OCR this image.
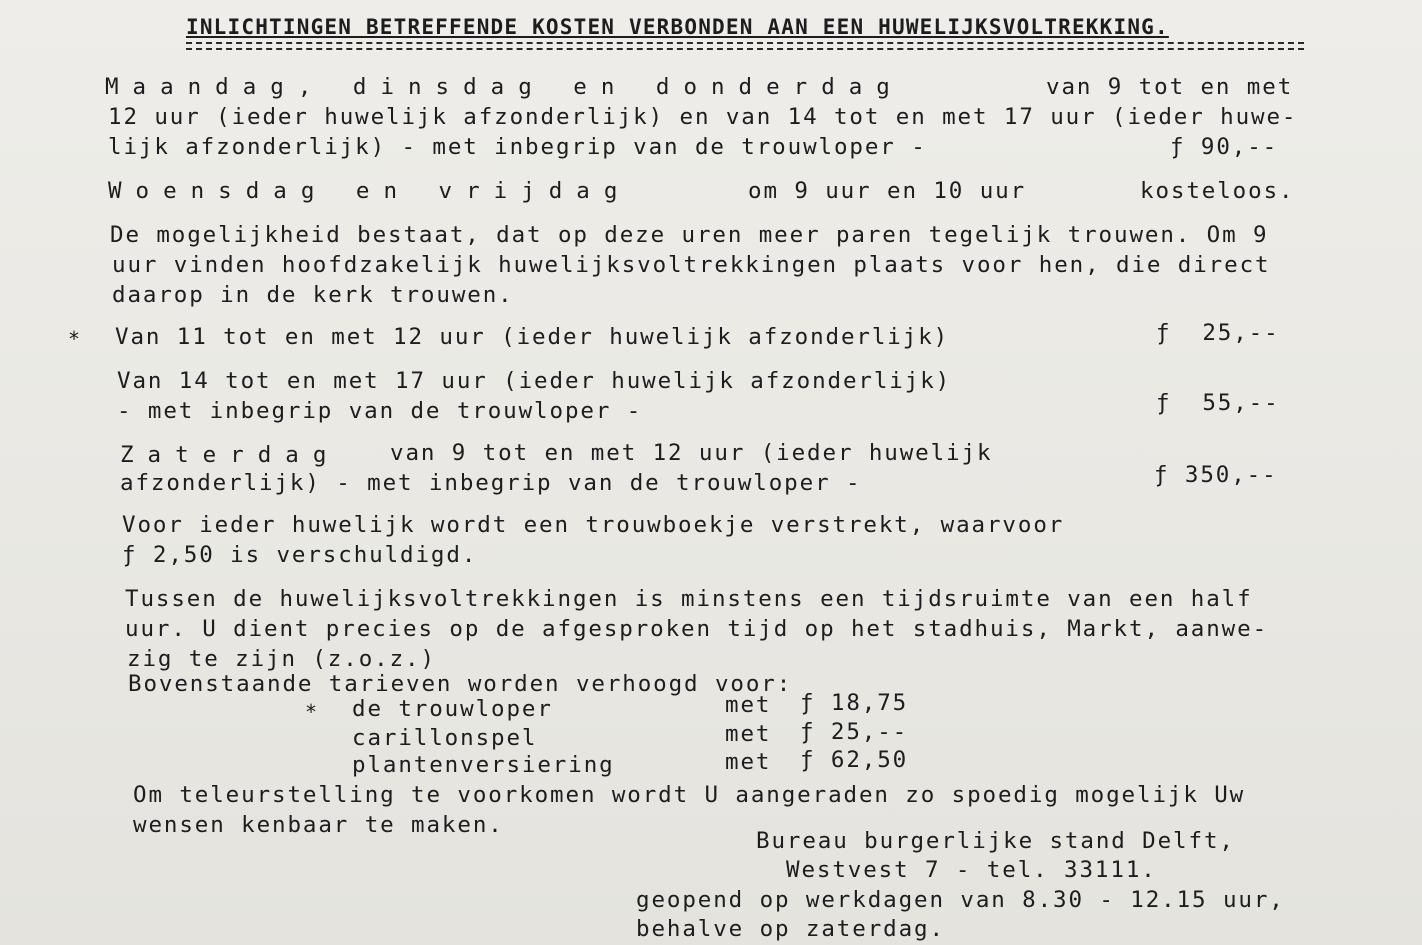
INLICHTINGEN BETREFFENDE KOSTEN VERBONDEN AAN EEN HUWELIJKSVOLTREKKING.
Maandag, dinsdag en donderdag	van 9 tot en met
12 uur (ieder huwelijk afzonderlijk) en van 14 tot en met 17 uur (ieder huwe-
lijk afzonderlijk) - met inbegrip van de trouwloper -	ƒ 90,--
Woensdag en vrijdag	om 9 uur en 10 uur	kosteloos.
De mogelijkheid bestaat, dat op deze uren meer paren tegelijk trouwen. Om 9
uur vinden hoofdzakelijk huwelijksvoltrekkingen plaats voor hen, die direct
daarop in de kerk trouwen.
* Van 11 tot en met 12 uur (ieder huwelijk afzonderlijk)	ƒ  25,--
Van 14 tot en met 17 uur (ieder huwelijk afzonderlijk)
- met inbegrip van de trouwloper -	ƒ  55,--
Zaterdag van 9 tot en met 12 uur (ieder huwelijk
afzonderlijk) - met inbegrip van de trouwloper -	ƒ 350,--
Voor ieder huwelijk wordt een trouwboekje verstrekt, waarvoor
ƒ 2,50 is verschuldigd.
Tussen de huwelijksvoltrekkingen is minstens een tijdsruimte van een half
uur. U dient precies op de afgesproken tijd op het stadhuis, Markt, aanwe-
zig te zijn (z.o.z.)
Bovenstaande tarieven worden verhoogd voor:
* de trouwloper	met ƒ 18,75
carillonspel	met ƒ 25,--
plantenversiering	met ƒ 62,50
Om teleurstelling te voorkomen wordt U aangeraden zo spoedig mogelijk Uw
wensen kenbaar te maken.
Bureau burgerlijke stand Delft,
Westvest 7 - tel. 33111.
geopend op werkdagen van 8.30 - 12.15 uur,
behalve op zaterdag.
